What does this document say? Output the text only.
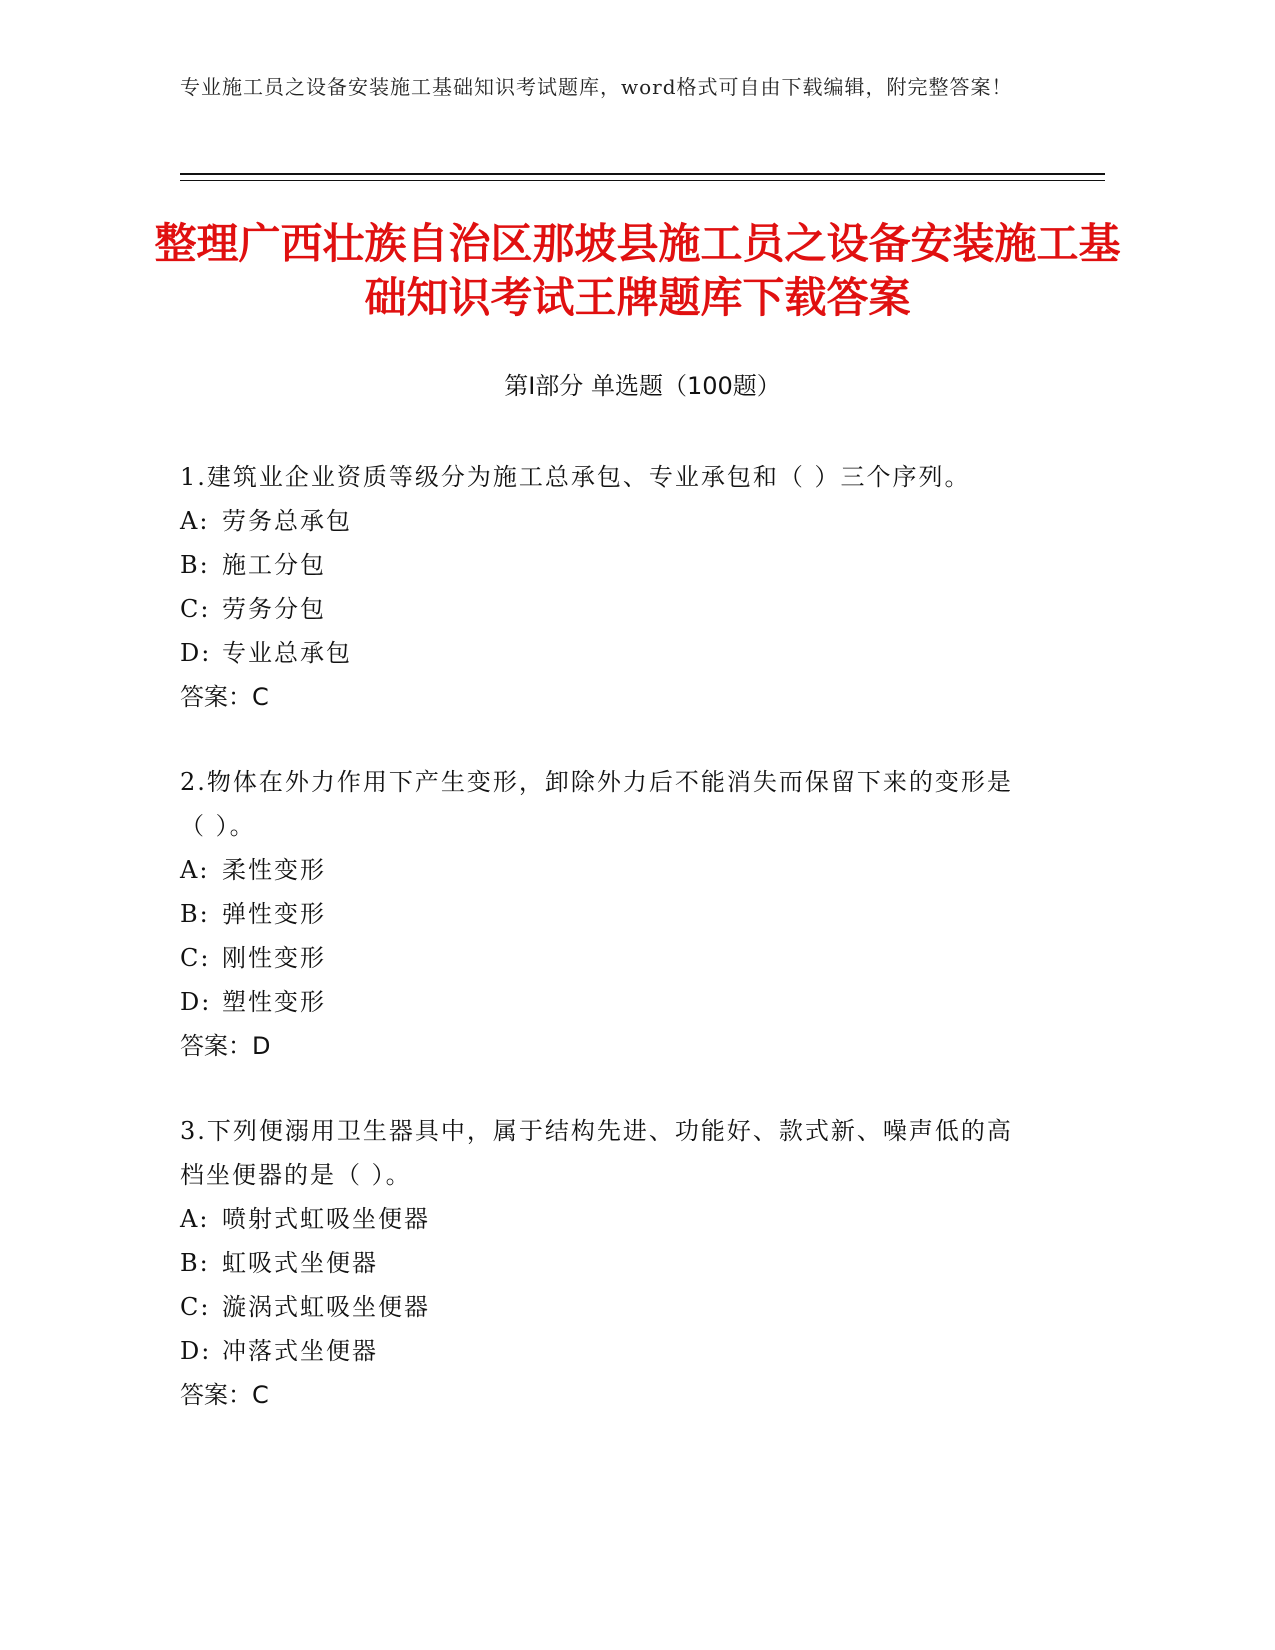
专业施工员之设备安装施工基础知识考试题库，word格式可自由下载编辑，附完整答案！
整理广西壮族自治区那坡县施工员之设备安装施工基础知识考试王牌题库下载答案
第Ⅰ部分 单选题（100题）
1.建筑业企业资质等级分为施工总承包、专业承包和（ ）三个序列。
A: 劳务总承包
B: 施工分包
C: 劳务分包
D: 专业总承包
答案：C
2.物体在外力作用下产生变形，卸除外力后不能消失而保留下来的变形是（ ）。
A: 柔性变形
B: 弹性变形
C: 刚性变形
D: 塑性变形
答案：D
3.下列便溺用卫生器具中，属于结构先进、功能好、款式新、噪声低的高档坐便器的是（ ）。
A: 喷射式虹吸坐便器
B: 虹吸式坐便器
C: 漩涡式虹吸坐便器
D: 冲落式坐便器
答案：C
